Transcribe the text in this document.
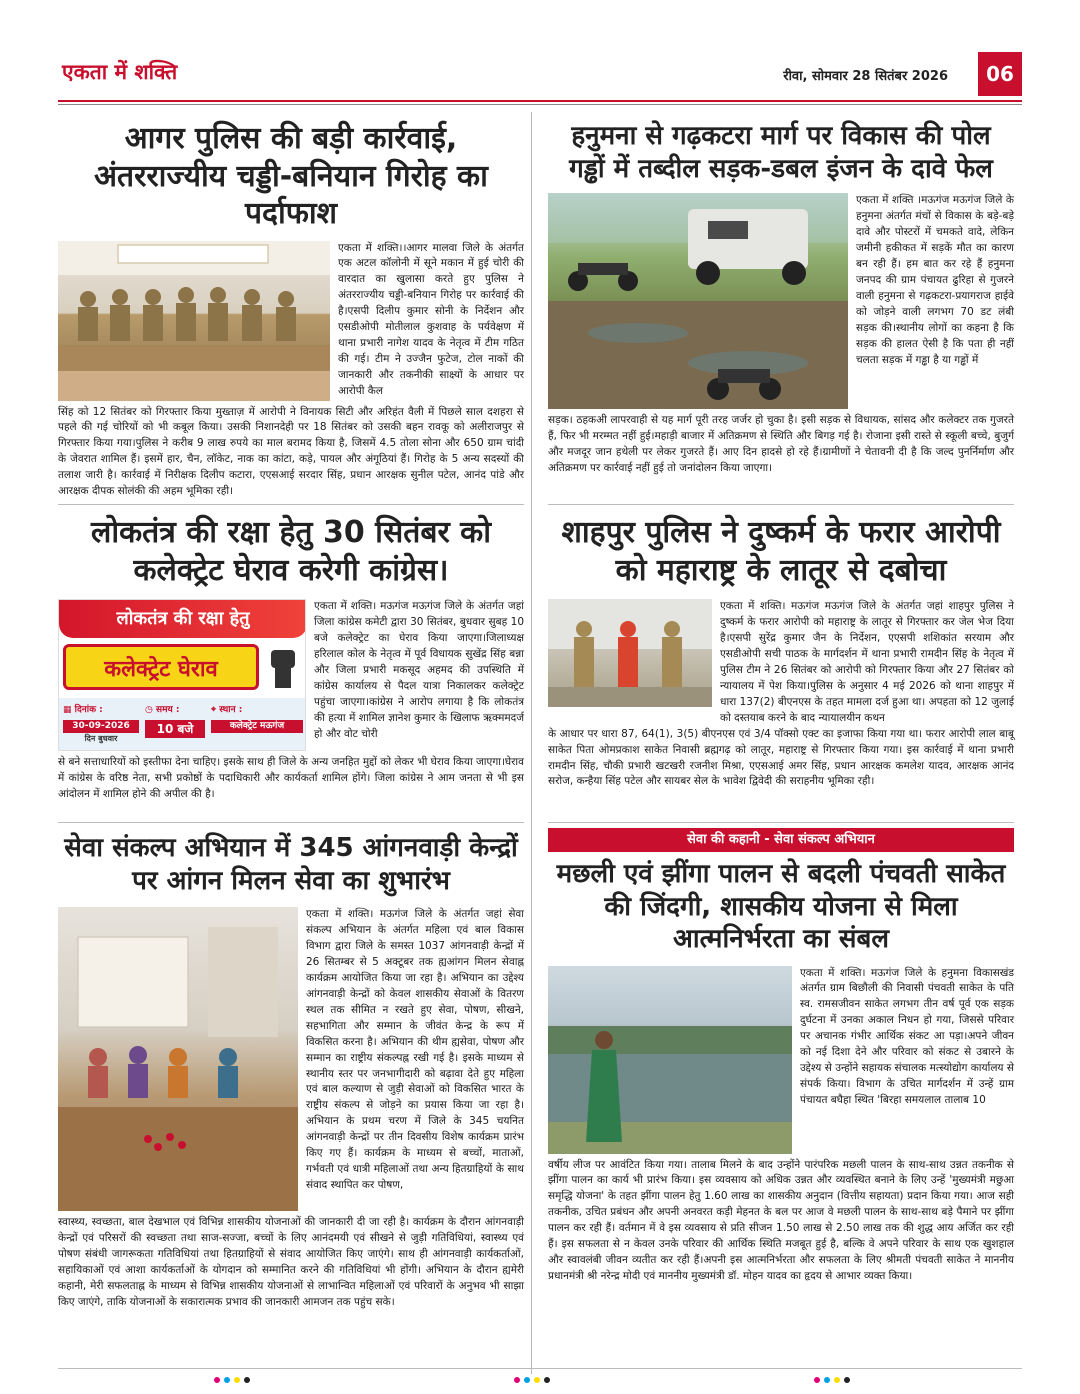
एकता में शक्ति	रीवा, सोमवार 28 सितंबर 2026	06
आगर पुलिस की बड़ी कार्रवाई, अंतरराज्यीय चड्डी-बनियान गिरोह का पर्दाफाश
एकता में शक्ति।।आगर मालवा जिले के अंतर्गत एक अटल कॉलोनी में सूने मकान में हुई चोरी की वारदात का खुलासा करते हुए पुलिस ने अंतरराज्यीय चड्डी-बनियान गिरोह पर कार्रवाई की है।एसपी दिलीप कुमार सोनी के निर्देशन और एसडीओपी मोतीलाल कुशवाह के पर्यवेक्षण में थाना प्रभारी नागेश यादव के नेतृत्व में टीम गठित की गई। टीम ने उज्जैन फुटेज, टोल नाकों की जानकारी और तकनीकी साक्ष्यों के आधार पर आरोपी कैल
सिंह को 12 सितंबर को गिरफ्तार किया मुख्ताज़ में आरोपी ने विनायक सिटी और अरिहंत वैली में पिछले साल दशहरा से पहले की गई चोरियों को भी कबूल किया। उसकी निशानदेही पर 18 सितंबर को उसकी बहन रावकू को अलीराजपुर से गिरफ्तार किया गया।पुलिस ने करीब 9 लाख रुपये का माल बरामद किया है, जिसमें 4.5 तोला सोना और 650 ग्राम चांदी के जेवरात शामिल हैं। इसमें हार, चैन, लॉकेट, नाक का कांटा, कड़े, पायल और अंगूठियां हैं। गिरोह के 5 अन्य सदस्यों की तलाश जारी है। कार्रवाई में निरीक्षक दिलीप कटारा, एएसआई सरदार सिंह, प्रधान आरक्षक सुनील पटेल, आनंद पांडे और आरक्षक दीपक सोलंकी की अहम भूमिका रही।
लोकतंत्र की रक्षा हेतु 30 सितंबर को कलेक्ट्रेट घेराव करेगी कांग्रेस।
लोकतंत्र की रक्षा हेतु
कलेक्ट्रेट घेराव
▦ दिनांक :
30-09-2026
दिन बुधवार
◷ समय :
10 बजे
⌖ स्थान :
कलेक्ट्रेट मऊगंज
एकता में शक्ति। मऊगंज मऊगंज जिले के अंतर्गत जहां जिला कांग्रेस कमेटी द्वारा 30 सितंबर, बुधवार सुबह 10 बजे कलेक्ट्रेट का घेराव किया जाएगा।जिलाध्यक्ष हरिलाल कोल के नेतृत्व में पूर्व विधायक सुखेंद्र सिंह बन्ना और जिला प्रभारी मकसूद अहमद की उपस्थिति में कांग्रेस कार्यालय से पैदल यात्रा निकालकर कलेक्ट्रेट पहुंचा जाएगा।कांग्रेस ने आरोप लगाया है कि लोकतंत्र की हत्या में शामिल ज्ञानेश कुमार के खिलाफ ऋक्ममदर्ज हो और वोट चोरी
से बने सत्ताधारियों को इस्तीफा देना चाहिए। इसके साथ ही जिले के अन्य जनहित मुद्दों को लेकर भी घेराव किया जाएगा।घेराव में कांग्रेस के वरिष्ठ नेता, सभी प्रकोष्ठों के पदाधिकारी और कार्यकर्ता शामिल होंगे। जिला कांग्रेस ने आम जनता से भी इस आंदोलन में शामिल होने की अपील की है।
सेवा संकल्प अभियान में 345 आंगनवाड़ी केन्द्रों पर आंगन मिलन सेवा का शुभारंभ
एकता में शक्ति। मऊगंज जिले के अंतर्गत जहां सेवा संकल्प अभियान के अंतर्गत महिला एवं बाल विकास विभाग द्वारा जिले के समस्त 1037 आंगनवाड़ी केन्द्रों में 26 सितम्बर से 5 अक्टूबर तक ह्यआंगन मिलन सेवाह्न कार्यक्रम आयोजित किया जा रहा है। अभियान का उद्देश्य आंगनवाड़ी केन्द्रों को केवल शासकीय सेवाओं के वितरण स्थल तक सीमित न रखते हुए सेवा, पोषण, सीखने, सहभागिता और सम्मान के जीवंत केन्द्र के रूप में विकसित करना है। अभियान की थीम ह्यसेवा, पोषण और सम्मान का राष्ट्रीय संकल्पह्न रखी गई है। इसके माध्यम से स्थानीय स्तर पर जनभागीदारी को बढ़ावा देते हुए महिला एवं बाल कल्याण से जुड़ी सेवाओं को विकसित भारत के राष्ट्रीय संकल्प से जोड़ने का प्रयास किया जा रहा है। अभियान के प्रथम चरण में जिले के 345 चयनित आंगनवाड़ी केन्द्रों पर तीन दिवसीय विशेष कार्यक्रम प्रारंभ किए गए हैं। कार्यक्रम के माध्यम से बच्चों, माताओं, गर्भवती एवं धात्री महिलाओं तथा अन्य हितग्राहियों के साथ संवाद स्थापित कर पोषण,
स्वास्थ्य, स्वच्छता, बाल देखभाल एवं विभिन्न शासकीय योजनाओं की जानकारी दी जा रही है। कार्यक्रम के दौरान आंगनवाड़ी केन्द्रों एवं परिसरों की स्वच्छता तथा साज-सज्जा, बच्चों के लिए आनंदमयी एवं सीखने से जुड़ी गतिविधियां, स्वास्थ्य एवं पोषण संबंधी जागरूकता गतिविधियां तथा हितग्राहियों से संवाद आयोजित किए जाएंगे। साथ ही आंगनवाड़ी कार्यकर्ताओं, सहायिकाओं एवं आशा कार्यकर्ताओं के योगदान को सम्मानित करने की गतिविधियां भी होंगी। अभियान के दौरान ह्यमेरी कहानी, मेरी सफलताह्न के माध्यम से विभिन्न शासकीय योजनाओं से लाभान्वित महिलाओं एवं परिवारों के अनुभव भी साझा किए जाएंगे, ताकि योजनाओं के सकारात्मक प्रभाव की जानकारी आमजन तक पहुंच सके।
हनुमना से गढ़कटरा मार्ग पर विकास की पोल गड्ढों में तब्दील सड़क-डबल इंजन के दावे फेल
एकता में शक्ति ।मऊगंज मऊगंज जिले के हनुमना अंतर्गत मंचों से विकास के बड़े-बड़े दावे और पोस्टरों में चमकते वादे, लेकिन जमीनी हकीकत में सड़कें मौत का कारण बन रही हैं। हम बात कर रहे हैं हनुमना जनपद की ग्राम पंचायत ढुरिहा से गुजरने वाली हनुमना से गढ़कटरा-प्रयागराज हाईवे को जोड़ने वाली लगभग 70 डट लंबी सड़क की।स्थानीय लोगों का कहना है कि सड़क की हालत ऐसी है कि पता ही नहीं चलता सड़क में गड्ढा है या गड्ढों में
सड़क। ठहकअी लापरवाही से यह मार्ग पूरी तरह जर्जर हो चुका है। इसी सड़क से विधायक, सांसद और कलेक्टर तक गुजरते हैं, फिर भी मरम्मत नहीं हुई।महाड़ी बाजार में अतिक्रमण से स्थिति और बिगड़ गई है। रोजाना इसी रास्ते से स्कूली बच्चे, बुजुर्ग और मजदूर जान हथेली पर लेकर गुजरते हैं। आए दिन हादसे हो रहे हैं।ग्रामीणों ने चेतावनी दी है कि जल्द पुनर्निर्माण और अतिक्रमण पर कार्रवाई नहीं हुई तो जनांदोलन किया जाएगा।
शाहपुर पुलिस ने दुष्कर्म के फरार आरोपी को महाराष्ट्र के लातूर से दबोचा
एकता में शक्ति। मऊगंज मऊगंज जिले के अंतर्गत जहां शाहपुर पुलिस ने दुष्कर्म के फरार आरोपी को महाराष्ट्र के लातूर से गिरफ्तार कर जेल भेज दिया है।एसपी सुरेंद्र कुमार जैन के निर्देशन, एएसपी शशिकांत सरयाम और एसडीओपी सची पाठक के मार्गदर्शन में थाना प्रभारी रामदीन सिंह के नेतृत्व में पुलिस टीम ने 26 सितंबर को आरोपी को गिरफ्तार किया और 27 सितंबर को न्यायालय में पेश किया।पुलिस के अनुसार 4 मई 2026 को थाना शाहपुर में धारा 137(2) बीएनएस के तहत मामला दर्ज हुआ था। अपहता को 12 जुलाई को दस्तयाब करने के बाद न्यायालयीन कथन
के आधार पर धारा 87, 64(1), 3(5) बीएनएस एवं 3/4 पॉक्सो एक्ट का इजाफा किया गया था। फरार आरोपी लाल बाबू साकेत पिता ओमप्रकाश साकेत निवासी ब्रह्मगढ़ को लातूर, महाराष्ट्र से गिरफ्तार किया गया। इस कार्रवाई में थाना प्रभारी रामदीन सिंह, चौकी प्रभारी खटखरी रजनीश मिश्रा, एएसआई अमर सिंह, प्रधान आरक्षक कमलेश यादव, आरक्षक आनंद सरोज, कन्हैया सिंह पटेल और सायबर सेल के भावेश द्विवेदी की सराहनीय भूमिका रही।
सेवा की कहानी - सेवा संकल्प अभियान
मछली एवं झींगा पालन से बदली पंचवती साकेत की जिंदगी, शासकीय योजना से मिला आत्मनिर्भरता का संबल
एकता में शक्ति। मऊगंज जिले के हनुमना विकासखंड अंतर्गत ग्राम बिछौली की निवासी पंचवती साकेत के पति स्व. रामसजीवन साकेत लगभग तीन वर्ष पूर्व एक सड़क दुर्घटना में उनका अकाल निधन हो गया, जिससे परिवार पर अचानक गंभीर आर्थिक संकट आ पड़ा।अपने जीवन को नई दिशा देने और परिवार को संकट से उबारने के उद्देश्य से उन्होंने सहायक संचालक मत्स्योद्योग कार्यालय से संपर्क किया। विभाग के उचित मार्गदर्शन में उन्हें ग्राम पंचायत बघैहा स्थित 'बिरहा समयलाल तालाब 10
वर्षीय लीज पर आवंटित किया गया। तालाब मिलने के बाद उन्होंने पारंपरिक मछली पालन के साथ-साथ उन्नत तकनीक से झींगा पालन का कार्य भी प्रारंभ किया। इस व्यवसाय को अधिक उन्नत और व्यवस्थित बनाने के लिए उन्हें 'मुख्यमंत्री मछुआ समृद्धि योजना' के तहत झींगा पालन हेतु 1.60 लाख का शासकीय अनुदान (वित्तीय सहायता) प्रदान किया गया। आज सही तकनीक, उचित प्रबंधन और अपनी अनवरत कड़ी मेहनत के बल पर आज वे मछली पालन के साथ-साथ बड़े पैमाने पर झींगा पालन कर रही हैं। वर्तमान में वे इस व्यवसाय से प्रति सीजन 1.50 लाख से 2.50 लाख तक की शुद्ध आय अर्जित कर रही हैं। इस सफलता से न केवल उनके परिवार की आर्थिक स्थिति मजबूत हुई है, बल्कि वे अपने परिवार के साथ एक खुशहाल और स्वावलंबी जीवन व्यतीत कर रही हैं।अपनी इस आत्मनिर्भरता और सफलता के लिए श्रीमती पंचवती साकेत ने माननीय प्रधानमंत्री श्री नरेन्द्र मोदी एवं माननीय मुख्यमंत्री डॉ. मोहन यादव का हृदय से आभार व्यक्त किया।
